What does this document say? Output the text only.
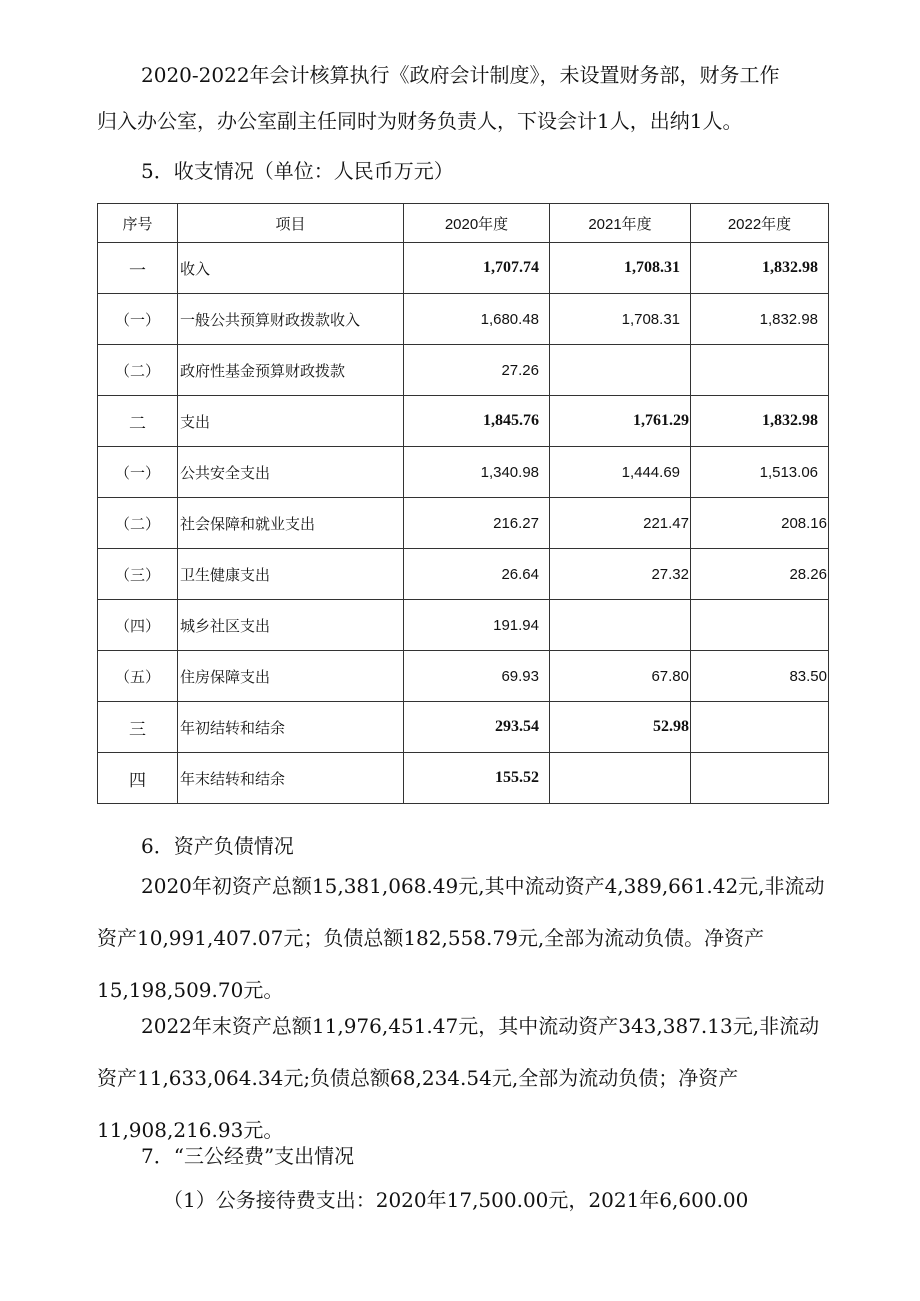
2020-2022年会计核算执行《政府会计制度》，未设置财务部，财务工作
归入办公室，办公室副主任同时为财务负责人，下设会计1人，出纳1人。
5．收支情况（单位：人民币万元）
序号	项目	2020年度	2021年度	2022年度
一	收入	1,707.74	1,708.31	1,832.98
（一）	一般公共预算财政拨款收入	1,680.48	1,708.31	1,832.98
（二）	政府性基金预算财政拨款	27.26		
二	支出	1,845.76	1,761.29	1,832.98
（一）	公共安全支出	1,340.98	1,444.69	1,513.06
（二）	社会保障和就业支出	216.27	221.47	208.16
（三）	卫生健康支出	26.64	27.32	28.26
（四）	城乡社区支出	191.94		
（五）	住房保障支出	69.93	67.80	83.50
三	年初结转和结余	293.54	52.98	
四	年末结转和结余	155.52		

6．资产负债情况

2020年初资产总额15,381,068.49元,其中流动资产4,389,661.42元,非流动资产10,991,407.07元；负债总额182,558.79元,全部为流动负债。净资产15,198,509.70元。

2022年末资产总额11,976,451.47元，其中流动资产343,387.13元,非流动资产11,633,064.34元;负债总额68,234.54元,全部为流动负债；净资产11,908,216.93元。

7．“三公经费”支出情况

（1）公务接待费支出：2020年17,500.00元，2021年6,600.00
